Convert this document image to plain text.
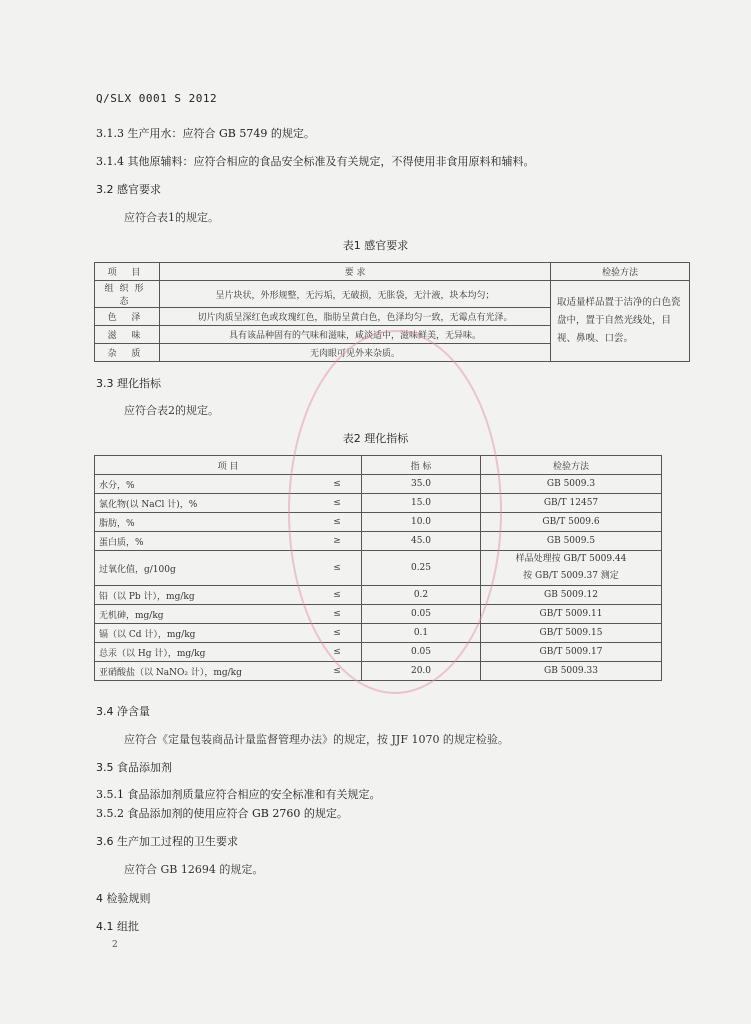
Q/SLX 0001 S 2012
3.1.3 生产用水：应符合 GB 5749 的规定。
3.1.4 其他原辅料：应符合相应的食品安全标准及有关规定，不得使用非食用原料和辅料。
3.2 感官要求
应符合表1的规定。
表1 感官要求
项 目	要 求	检验方法
组织形态	呈片块状，外形规整，无污垢，无破损，无胀袋，无汁液，块本均匀；	取适量样品置于洁净的白色瓷盘中，置于自然光线处，目视、鼻嗅、口尝。
色 泽	切片肉质呈深红色或玫瑰红色，脂肪呈黄白色，色泽均匀一致，无霉点有光泽。	
滋 味	具有该品种固有的气味和滋味，咸淡适中，滋味鲜美，无异味。	
杂 质	无肉眼可见外来杂质。	
3.3 理化指标
应符合表2的规定。
表2 理化指标
项 目		指 标	检验方法
水分，%	≤	35.0	GB 5009.3
氯化物(以 NaCl 计)，%	≤	15.0	GB/T 12457
脂肪，%	≤	10.0	GB/T 5009.6
蛋白质，%	≥	45.0	GB 5009.5
过氧化值，g/100g	≤	0.25	样品处理按 GB/T 5009.44
按 GB/T 5009.37 测定

铅（以 Pb 计），mg/kg	≤	0.2	GB 5009.12
无机砷，mg/kg	≤	0.05	GB/T 5009.11
镉（以 Cd 计），mg/kg	≤	0.1	GB/T 5009.15
总汞（以 Hg 计），mg/kg	≤	0.05	GB/T 5009.17
亚硝酸盐（以 NaNO₂ 计），mg/kg	≤	20.0	GB 5009.33
3.4 净含量
应符合《定量包装商品计量监督管理办法》的规定，按 JJF 1070 的规定检验。
3.5 食品添加剂
3.5.1 食品添加剂质量应符合相应的安全标准和有关规定。
3.5.2 食品添加剂的使用应符合 GB 2760 的规定。
3.6 生产加工过程的卫生要求
应符合 GB 12694 的规定。
4 检验规则
4.1 组批
2
